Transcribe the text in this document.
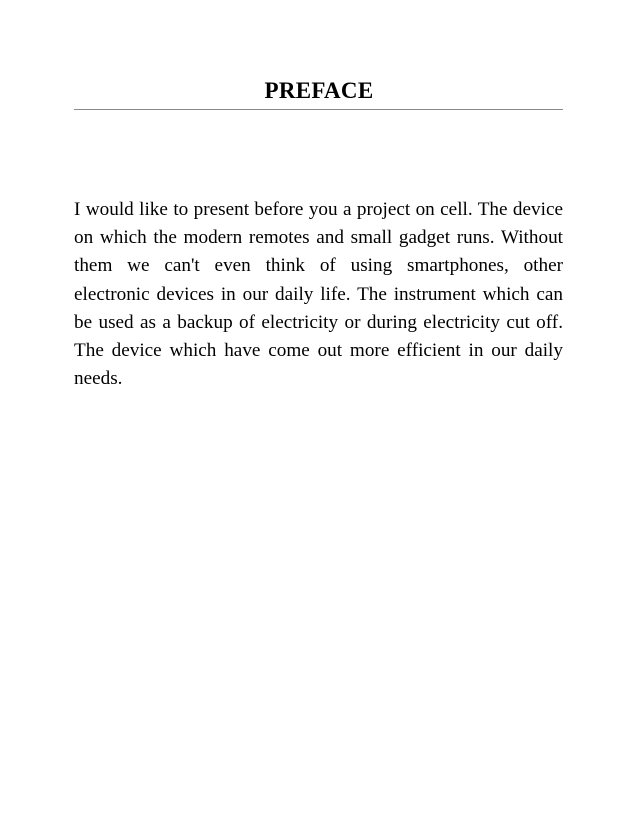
PREFACE

I would like to present before you a project on cell. The device on which the modern remotes and small gadget runs. Without them we can't even think of using smartphones, other electronic devices in our daily life. The instrument which can be used as a backup of electricity or during electricity cut off. The device which have come out more efficient in our daily needs.
